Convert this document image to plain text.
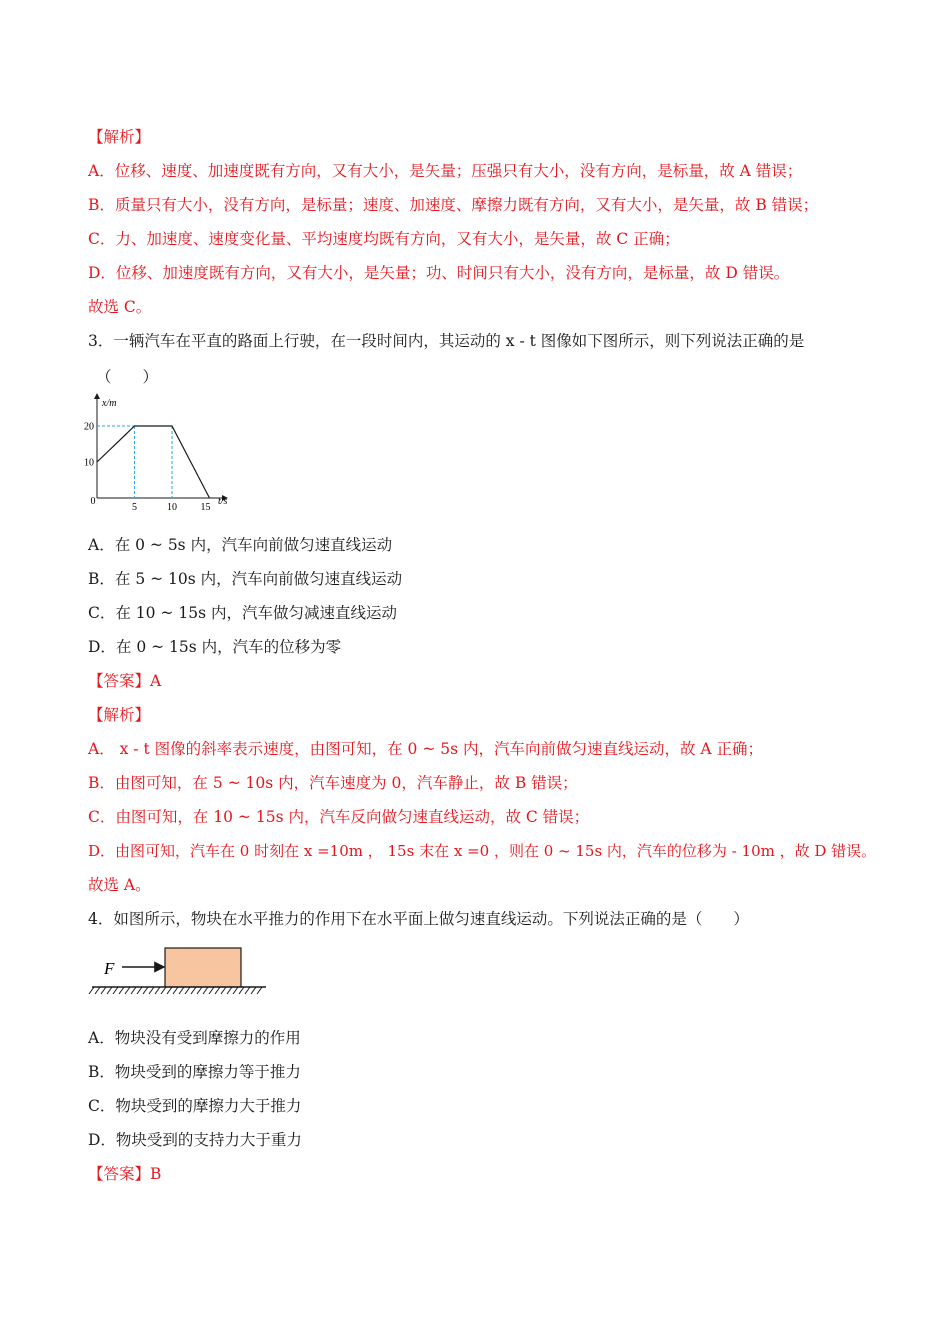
【解析】
A．位移、速度、加速度既有方向，又有大小，是矢量；压强只有大小，没有方向，是标量，故 A 错误；
B．质量只有大小，没有方向，是标量；速度、加速度、摩擦力既有方向，又有大小，是矢量，故 B 错误；
C．力、加速度、速度变化量、平均速度均既有方向，又有大小，是矢量，故 C 正确；
D．位移、加速度既有方向，又有大小，是矢量；功、时间只有大小，没有方向，是标量，故 D 错误。
故选 C。
3．一辆汽车在平直的路面上行驶，在一段时间内，其运动的 x - t 图像如下图所示，则下列说法正确的是
（　　）
x/m
t/s
0
10
20
5	10 15
A．在 0 ~ 5s 内，汽车向前做匀速直线运动
B．在 5 ~ 10s 内，汽车向前做匀速直线运动
C．在 10 ~ 15s 内，汽车做匀减速直线运动
D．在 0 ~ 15s 内，汽车的位移为零
【答案】A
【解析】
A． x - t 图像的斜率表示速度，由图可知，在 0 ~ 5s 内，汽车向前做匀速直线运动，故 A 正确；
B．由图可知，在 5 ~ 10s 内，汽车速度为 0，汽车静止，故 B 错误；
C．由图可知，在 10 ~ 15s 内，汽车反向做匀速直线运动，故 C 错误；
D．由图可知，汽车在 0 时刻在 x =10m ， 15s 末在 x =0 ，则在 0 ~ 15s 内，汽车的位移为 - 10m ，故 D 错误。
故选 A。
4．如图所示，物块在水平推力的作用下在水平面上做匀速直线运动。下列说法正确的是（　　）
F
A．物块没有受到摩擦力的作用
B．物块受到的摩擦力等于推力
C．物块受到的摩擦力大于推力
D．物块受到的支持力大于重力
【答案】B
